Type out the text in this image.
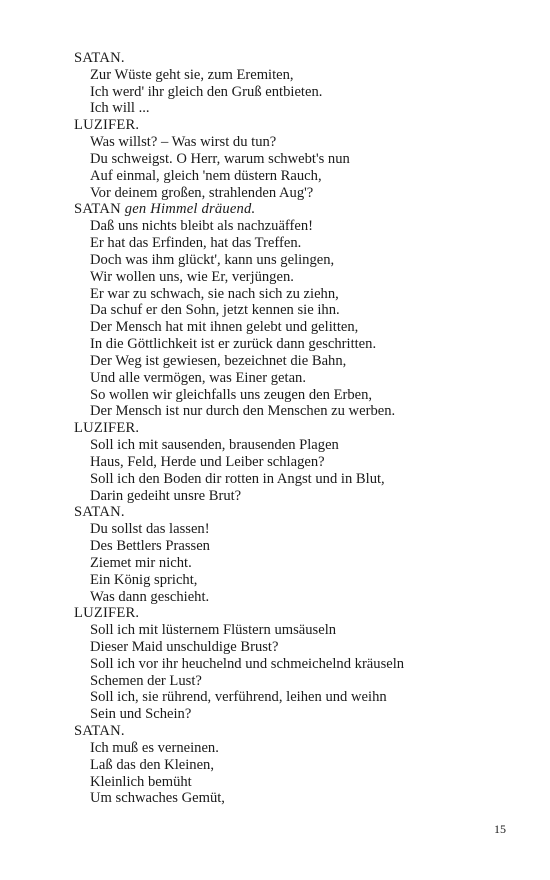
SATAN.
Zur Wüste geht sie, zum Eremiten,
Ich werd' ihr gleich den Gruß entbieten.
Ich will ...
LUZIFER.
Was willst? – Was wirst du tun?
Du schweigst. O Herr, warum schwebt's nun
Auf einmal, gleich 'nem düstern Rauch,
Vor deinem großen, strahlenden Aug'?
SATAN gen Himmel dräuend.
Daß uns nichts bleibt als nachzuäffen!
Er hat das Erfinden, hat das Treffen.
Doch was ihm glückt', kann uns gelingen,
Wir wollen uns, wie Er, verjüngen.
Er war zu schwach, sie nach sich zu ziehn,
Da schuf er den Sohn, jetzt kennen sie ihn.
Der Mensch hat mit ihnen gelebt und gelitten,
In die Göttlichkeit ist er zurück dann geschritten.
Der Weg ist gewiesen, bezeichnet die Bahn,
Und alle vermögen, was Einer getan.
So wollen wir gleichfalls uns zeugen den Erben,
Der Mensch ist nur durch den Menschen zu werben.
LUZIFER.
Soll ich mit sausenden, brausenden Plagen
Haus, Feld, Herde und Leiber schlagen?
Soll ich den Boden dir rotten in Angst und in Blut,
Darin gedeiht unsre Brut?
SATAN.
Du sollst das lassen!
Des Bettlers Prassen
Ziemet mir nicht.
Ein König spricht,
Was dann geschieht.
LUZIFER.
Soll ich mit lüsternem Flüstern umsäuseln
Dieser Maid unschuldige Brust?
Soll ich vor ihr heuchelnd und schmeichelnd kräuseln
Schemen der Lust?
Soll ich, sie rührend, verführend, leihen und weihn
Sein und Schein?
SATAN.
Ich muß es verneinen.
Laß das den Kleinen,
Kleinlich bemüht
Um schwaches Gemüt,
15
